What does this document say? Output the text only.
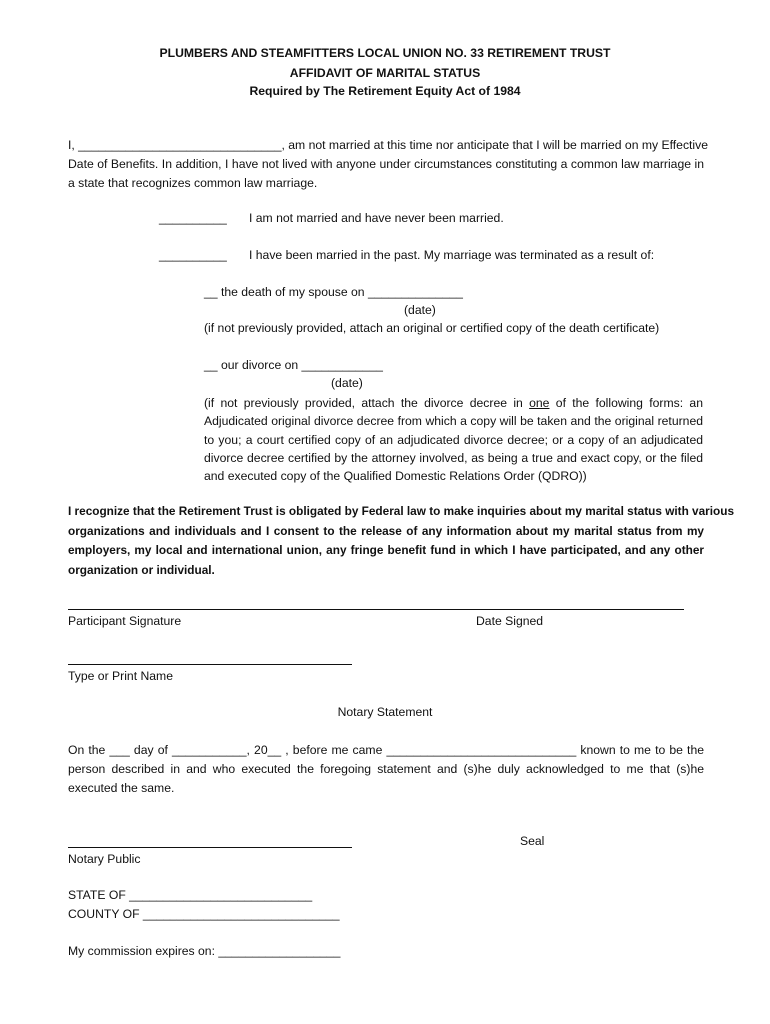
PLUMBERS AND STEAMFITTERS LOCAL UNION NO. 33 RETIREMENT TRUST
AFFIDAVIT OF MARITAL STATUS
Required by The Retirement Equity Act of 1984
I, ______________________________, am not married at this time nor anticipate that I will be married on my Effective
Date of Benefits. In addition, I have not lived with anyone under circumstances constituting a common law marriage in
a state that recognizes common law marriage.
__________ I am not married and have never been married.
__________ I have been married in the past. My marriage was terminated as a result of:
__ the death of my spouse on ______________
(date)
(if not previously provided, attach an original or certified copy of the death certificate)
__ our divorce on ____________
(date)
(if not previously provided, attach the divorce decree in one of the following forms: an
Adjudicated original divorce decree from which a copy will be taken and the original returned
to you; a court certified copy of an adjudicated divorce decree; or a copy of an adjudicated
divorce decree certified by the attorney involved, as being a true and exact copy, or the filed
and executed copy of the Qualified Domestic Relations Order (QDRO))
I recognize that the Retirement Trust is obligated by Federal law to make inquiries about my marital status with various
organizations and individuals and I consent to the release of any information about my marital status from my
employers, my local and international union, any fringe benefit fund in which I have participated, and any other
organization or individual.
Participant Signature	Date Signed
Type or Print Name
Notary Statement
On the ___ day of ___________, 20__ , before me came ____________________________ known to me to be the
person described in and who executed the foregoing statement and (s)he duly acknowledged to me that (s)he
executed the same.
Seal
Notary Public
STATE OF ___________________________
COUNTY OF _____________________________
My commission expires on: __________________
